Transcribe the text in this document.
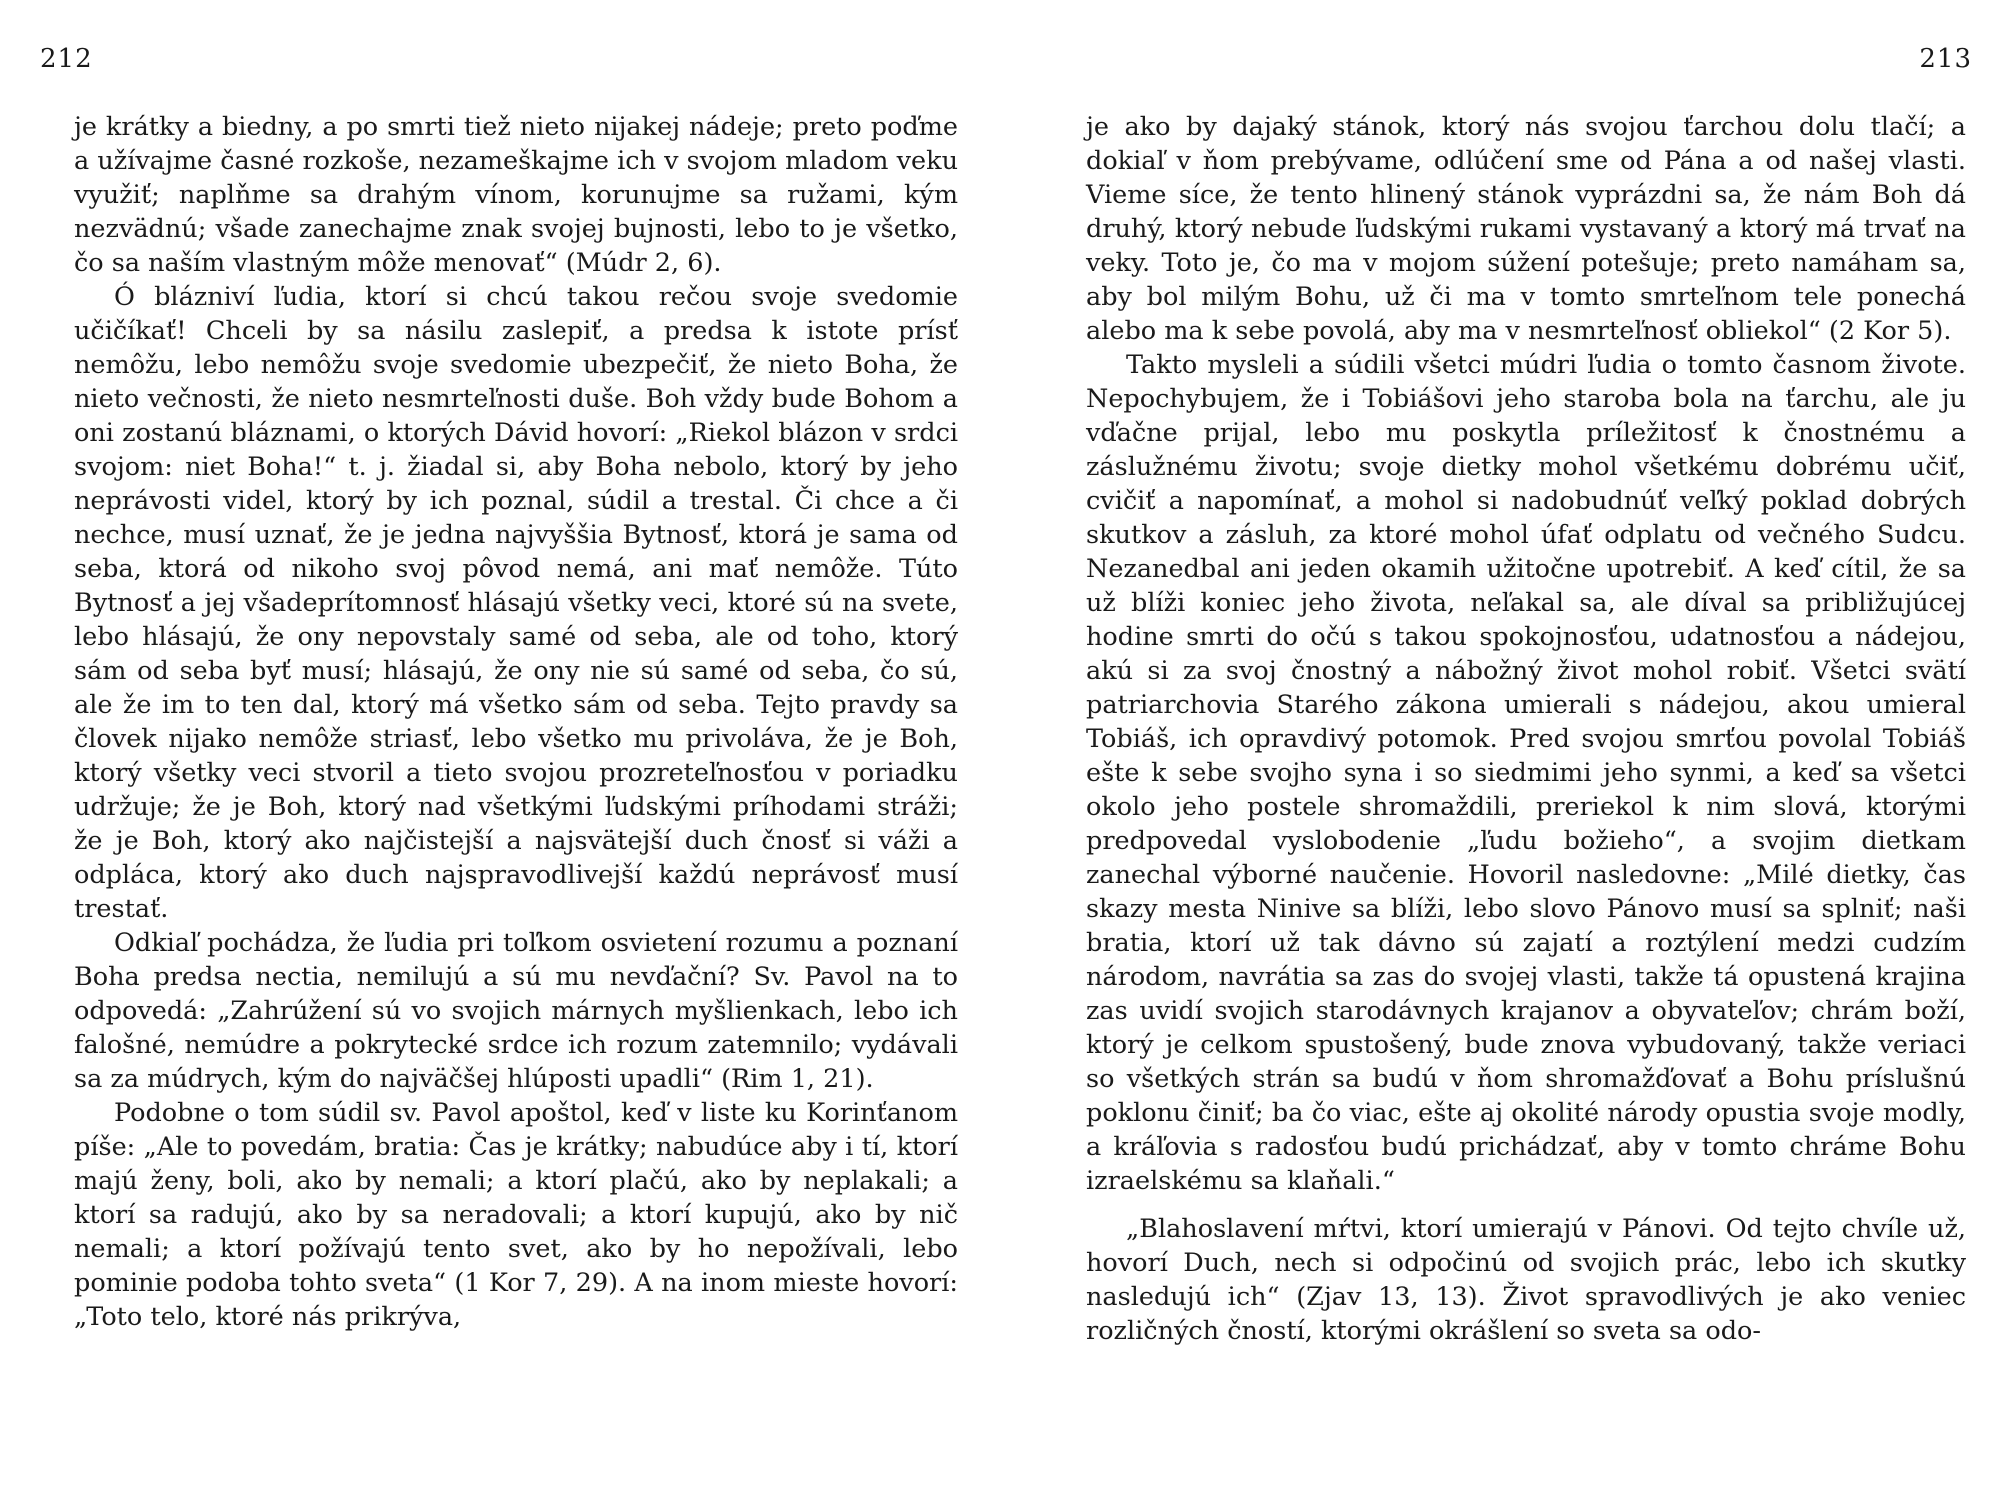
212

je krátky a biedny, a po smrti tiež nieto nijakej nádeje; preto poďme a užívajme časné rozkoše, nezameškajme ich v svojom mladom veku využiť; naplňme sa drahým vínom, korunujme sa ružami, kým nezvädnú; všade zanechajme znak svojej bujnosti, lebo to je všetko, čo sa naším vlastným môže menovať“ (Múdr 2, 6).

Ó blázniví ľudia, ktorí si chcú takou rečou svoje svedomie učičíkať! Chceli by sa násilu zaslepiť, a predsa k istote prísť nemôžu, lebo nemôžu svoje svedomie ubezpečiť, že nieto Boha, že nieto večnosti, že nieto nesmrteľnosti duše. Boh vždy bude Bohom a oni zostanú bláznami, o ktorých Dávid hovorí: „Riekol blázon v srdci svojom: niet Boha!“ t. j. žiadal si, aby Boha nebolo, ktorý by jeho neprávosti videl, ktorý by ich poznal, súdil a trestal. Či chce a či nechce, musí uznať, že je jedna najvyššia Bytnosť, ktorá je sama od seba, ktorá od nikoho svoj pôvod nemá, ani mať nemôže. Túto Bytnosť a jej všadeprítomnosť hlásajú všetky veci, ktoré sú na svete, lebo hlásajú, že ony nepovstaly samé od seba, ale od toho, ktorý sám od seba byť musí; hlásajú, že ony nie sú samé od seba, čo sú, ale že im to ten dal, ktorý má všetko sám od seba. Tejto pravdy sa človek nijako nemôže striasť, lebo všetko mu privoláva, že je Boh, ktorý všetky veci stvoril a tieto svojou prozreteľnosťou v poriadku udržuje; že je Boh, ktorý nad všetkými ľudskými príhodami stráži; že je Boh, ktorý ako najčistejší a najsvätejší duch čnosť si váži a odpláca, ktorý ako duch najspravodlivejší každú neprávosť musí trestať.

Odkiaľ pochádza, že ľudia pri toľkom osvietení rozumu a poznaní Boha predsa nectia, nemilujú a sú mu nevďační? Sv. Pavol na to odpovedá: „Zahrúžení sú vo svojich márnych myšlienkach, lebo ich falošné, nemúdre a pokrytecké srdce ich rozum zatemnilo; vydávali sa za múdrych, kým do najväčšej hlúposti upadli“ (Rim 1, 21).

Podobne o tom súdil sv. Pavol apoštol, keď v liste ku Korinťanom píše: „Ale to povedám, bratia: Čas je krátky; nabudúce aby i tí, ktorí majú ženy, boli, ako by nemali; a ktorí plačú, ako by neplakali; a ktorí sa radujú, ako by sa neradovali; a ktorí kupujú, ako by nič nemali; a ktorí požívajú tento svet, ako by ho nepožívali, lebo pominie podoba tohto sveta“ (1 Kor 7, 29). A na inom mieste hovorí: „Toto telo, ktoré nás prikrýva,

213

je ako by dajaký stánok, ktorý nás svojou ťarchou dolu tlačí; a dokiaľ v ňom prebývame, odlúčení sme od Pána a od našej vlasti. Vieme síce, že tento hlinený stánok vyprázdni sa, že nám Boh dá druhý, ktorý nebude ľudskými rukami vystavaný a ktorý má trvať na veky. Toto je, čo ma v mojom súžení potešuje; preto namáham sa, aby bol milým Bohu, už či ma v tomto smrteľnom tele ponechá alebo ma k sebe povolá, aby ma v nesmrteľnosť obliekol“ (2 Kor 5).

Takto mysleli a súdili všetci múdri ľudia o tomto časnom živote. Nepochybujem, že i Tobiášovi jeho staroba bola na ťarchu, ale ju vďačne prijal, lebo mu poskytla príležitosť k čnostnému a záslužnému životu; svoje dietky mohol všetkému dobrému učiť, cvičiť a napomínať, a mohol si nadobudnúť veľký poklad dobrých skutkov a zásluh, za ktoré mohol úfať odplatu od večného Sudcu. Nezanedbal ani jeden okamih užitočne upotrebiť. A keď cítil, že sa už blíži koniec jeho života, neľakal sa, ale díval sa približujúcej hodine smrti do očú s takou spokojnosťou, udatnosťou a nádejou, akú si za svoj čnostný a nábožný život mohol robiť. Všetci svätí patriarchovia Starého zákona umierali s nádejou, akou umieral Tobiáš, ich opravdivý potomok. Pred svojou smrťou povolal Tobiáš ešte k sebe svojho syna i so siedmimi jeho synmi, a keď sa všetci okolo jeho postele shromaždili, preriekol k nim slová, ktorými predpovedal vyslobodenie „ľudu božieho“, a svojim dietkam zanechal výborné naučenie. Hovoril nasledovne: „Milé dietky, čas skazy mesta Ninive sa blíži, lebo slovo Pánovo musí sa splniť; naši bratia, ktorí už tak dávno sú zajatí a roztýlení medzi cudzím národom, navrátia sa zas do svojej vlasti, takže tá opustená krajina zas uvidí svojich starodávnych krajanov a obyvateľov; chrám boží, ktorý je celkom spustošený, bude znova vybudovaný, takže veriaci so všetkých strán sa budú v ňom shromažďovať a Bohu príslušnú poklonu činiť; ba čo viac, ešte aj okolité národy opustia svoje modly, a kráľovia s radosťou budú prichádzať, aby v tomto chráme Bohu izraelskému sa klaňali.“

„Blahoslavení mŕtvi, ktorí umierajú v Pánovi. Od tejto chvíle už, hovorí Duch, nech si odpočinú od svojich prác, lebo ich skutky nasledujú ich“ (Zjav 13, 13). Život spravodlivých je ako veniec rozličných čností, ktorými okrášlení so sveta sa odo-
